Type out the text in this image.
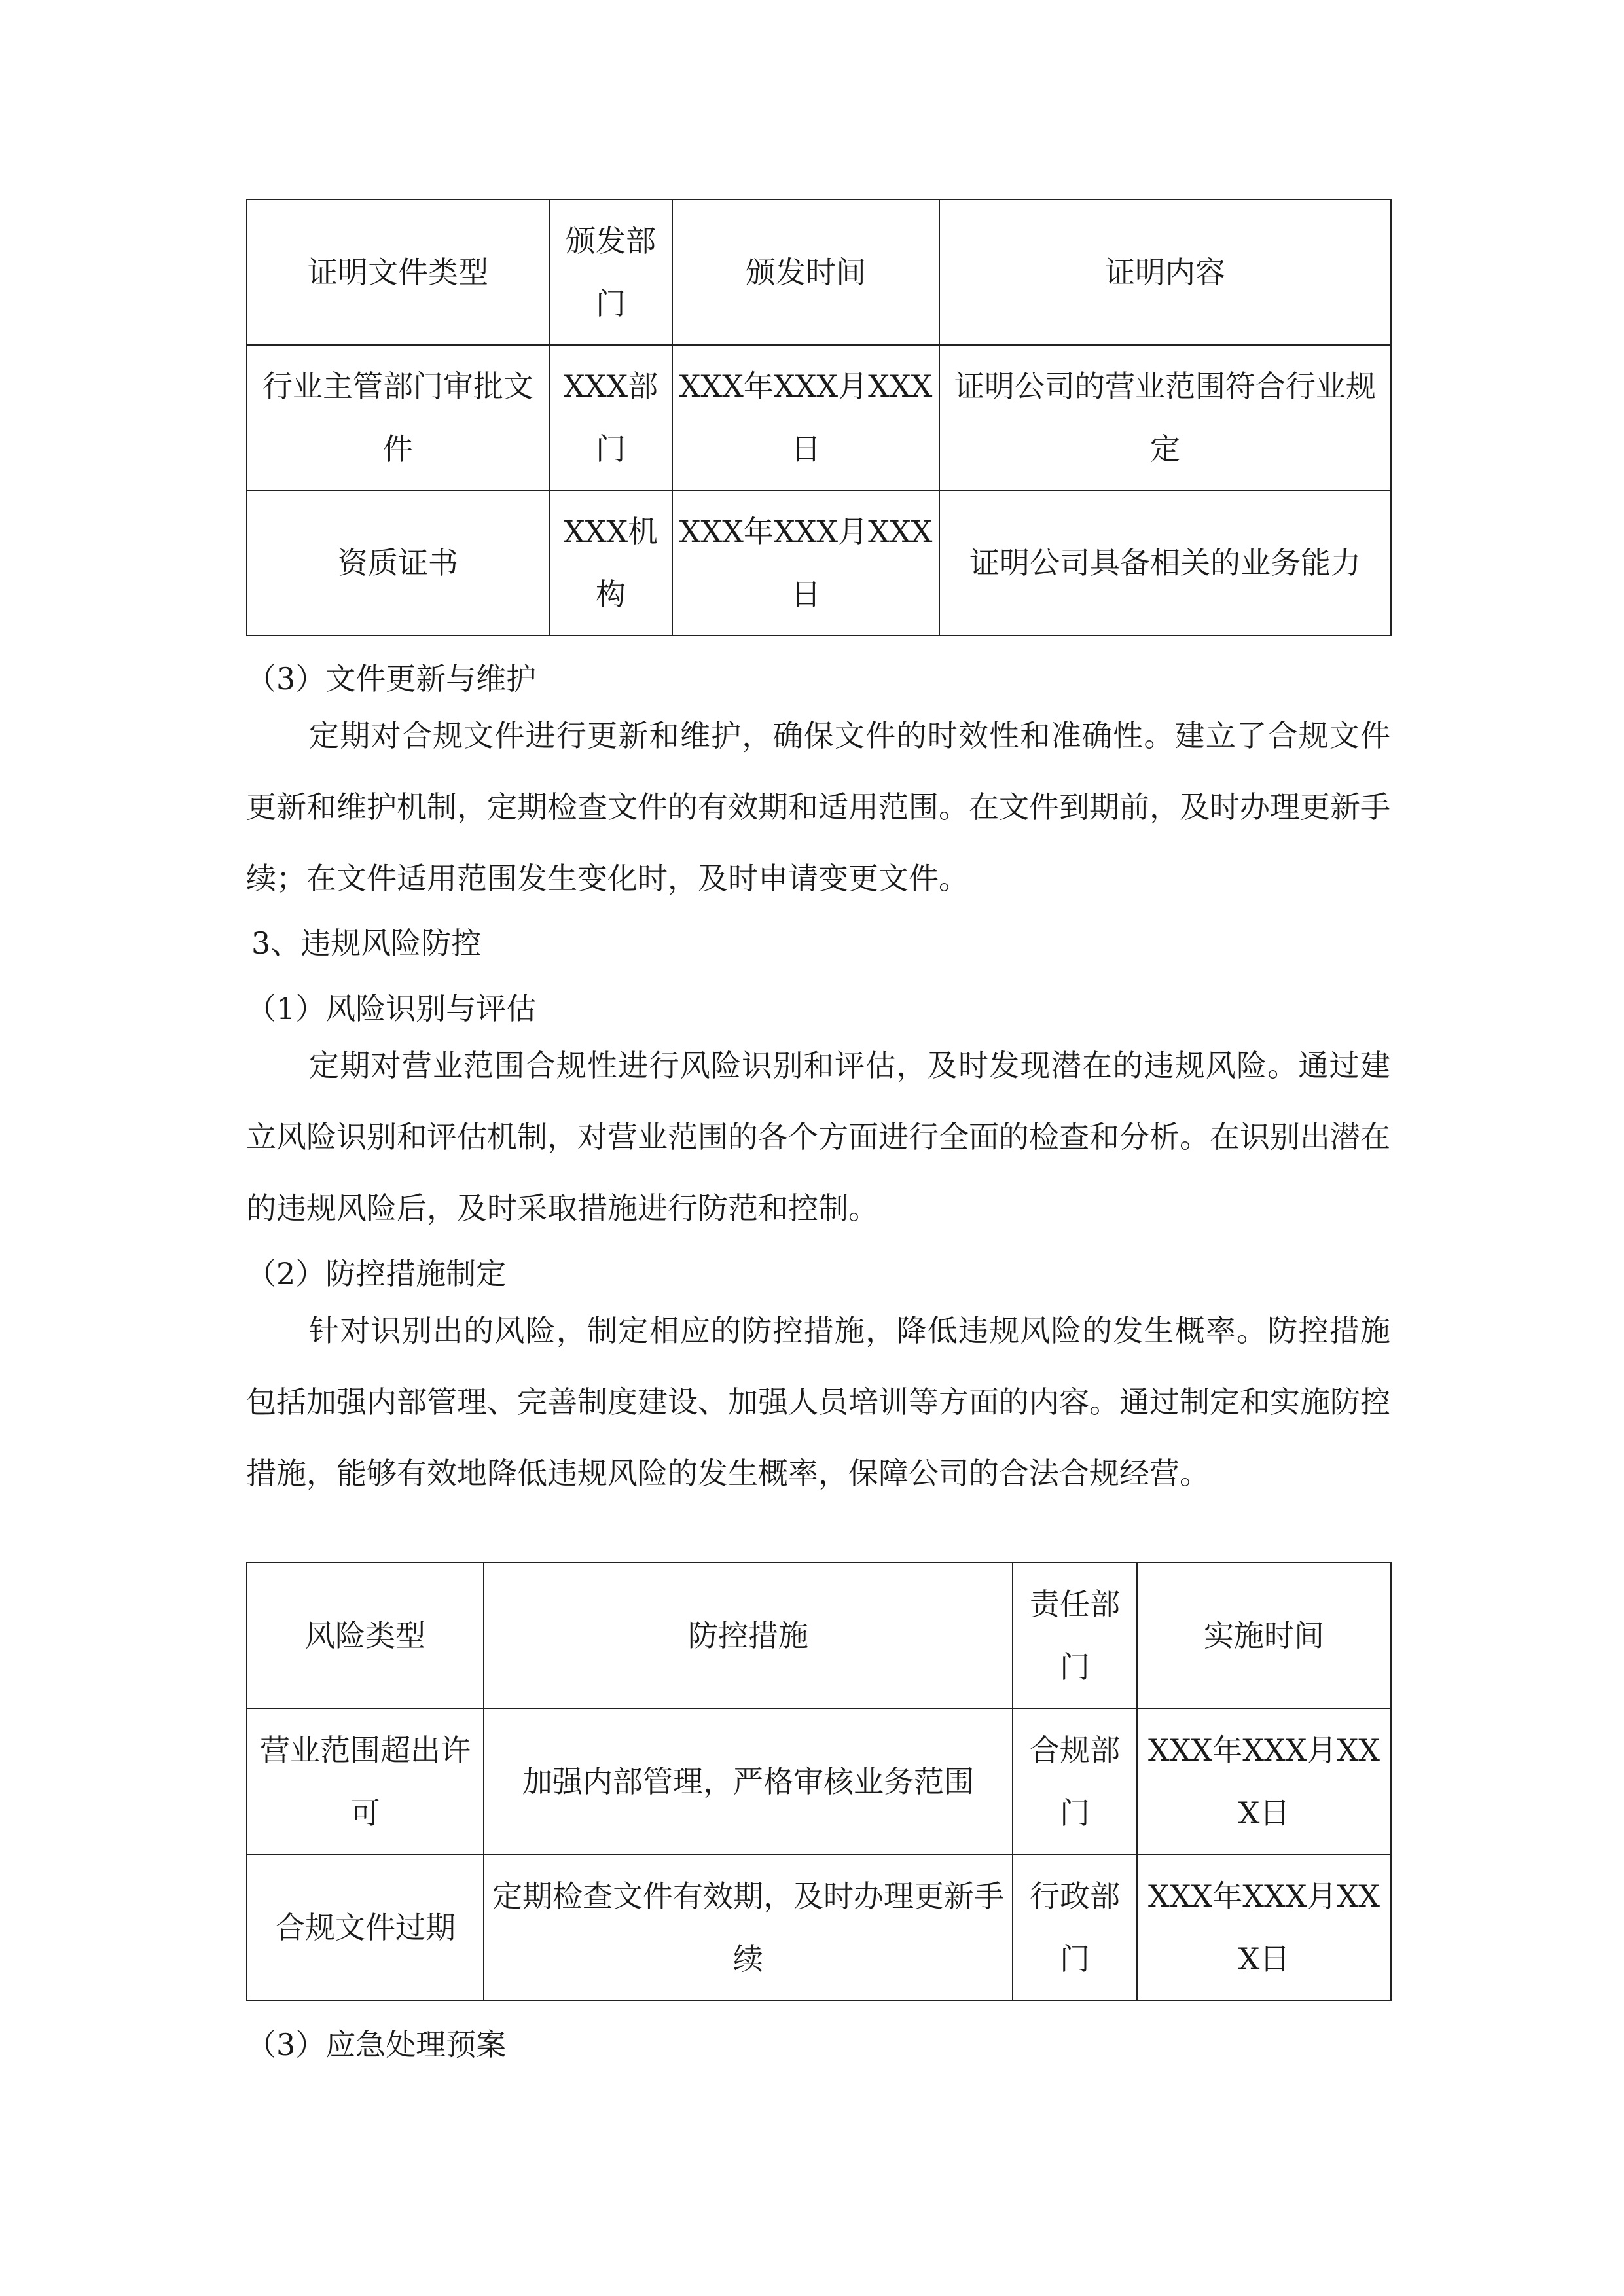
证明文件类型	颁发部门	颁发时间	证明内容
行业主管部门审批文件	XXX部门	XXX年XXX月XXX日	证明公司的营业范围符合行业规定
资质证书	XXX机构	XXX年XXX月XXX日	证明公司具备相关的业务能力
（3）文件更新与维护

定期对合规文件进行更新和维护，确保文件的时效性和准确性。建立了合规文件更新和维护机制，定期检查文件的有效期和适用范围。在文件到期前，及时办理更新手续；在文件适用范围发生变化时，及时申请变更文件。

3、违规风险防控
（1）风险识别与评估

定期对营业范围合规性进行风险识别和评估，及时发现潜在的违规风险。通过建立风险识别和评估机制，对营业范围的各个方面进行全面的检查和分析。在识别出潜在的违规风险后，及时采取措施进行防范和控制。

（2）防控措施制定

针对识别出的风险，制定相应的防控措施，降低违规风险的发生概率。防控措施包括加强内部管理、完善制度建设、加强人员培训等方面的内容。通过制定和实施防控措施，能够有效地降低违规风险的发生概率，保障公司的合法合规经营。

风险类型	防控措施	责任部门	实施时间
营业范围超出许可	加强内部管理，严格审核业务范围	合规部门	XXX年XXX月XXX日
合规文件过期	定期检查文件有效期，及时办理更新手续	行政部门	XXX年XXX月XXX日
（3）应急处理预案
